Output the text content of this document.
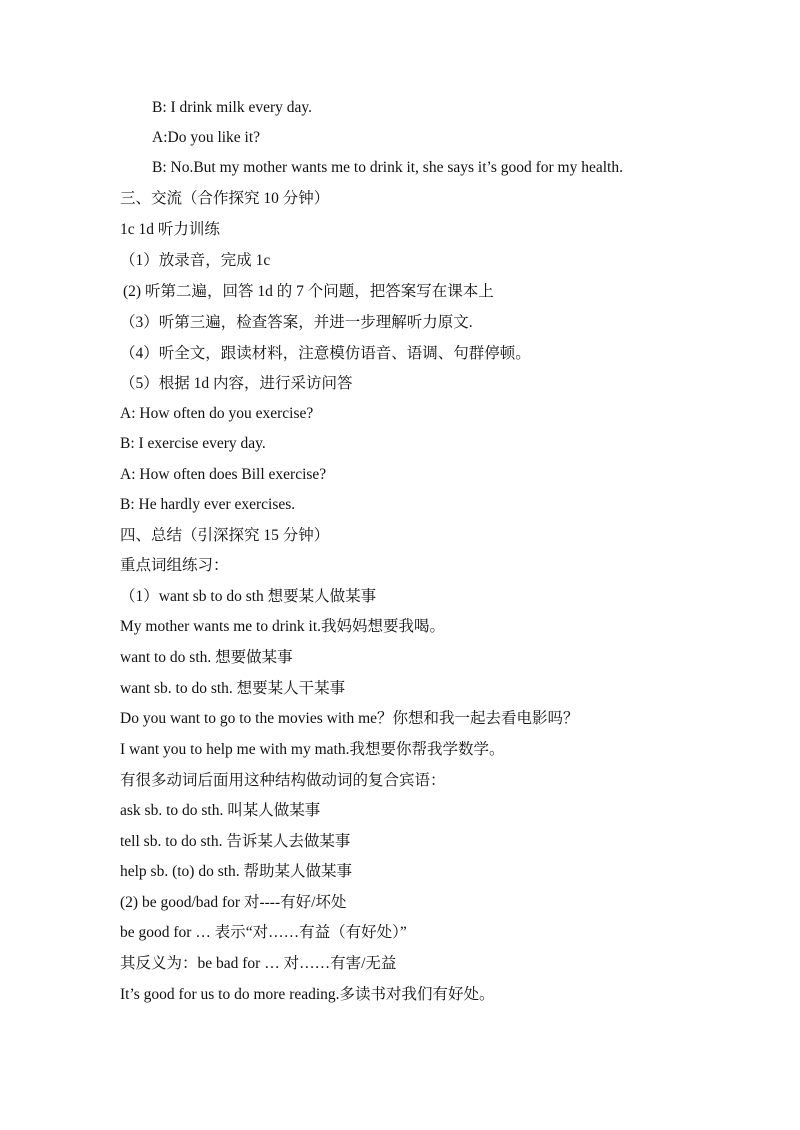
B: I drink milk every day.
A:Do you like it?
B: No.But my mother wants me to drink it, she says it’s good for my health.
三、交流（合作探究 10 分钟）
1c 1d 听力训练
（1）放录音，完成 1c
(2) 听第二遍，回答 1d 的 7 个问题，把答案写在课本上
（3）听第三遍，检查答案，并进一步理解听力原文.
（4）听全文，跟读材料，注意模仿语音、语调、句群停顿。
（5）根据 1d 内容，进行采访问答
A: How often do you exercise?
B: I exercise every day.
A: How often does Bill exercise?
B: He hardly ever exercises.
四、总结（引深探究 15 分钟）
重点词组练习：
（1）want sb to do sth 想要某人做某事
My mother wants me to drink it.我妈妈想要我喝。
want to do sth. 想要做某事
want sb. to do sth. 想要某人干某事
Do you want to go to the movies with me？你想和我一起去看电影吗？
I want you to help me with my math.我想要你帮我学数学。
有很多动词后面用这种结构做动词的复合宾语：
ask sb. to do sth. 叫某人做某事
tell sb. to do sth. 告诉某人去做某事
help sb. (to) do sth. 帮助某人做某事
(2) be good/bad for 对----有好/坏处
be good for … 表示“对……有益（有好处）”
其反义为：be bad for … 对……有害/无益
It’s good for us to do more reading.多读书对我们有好处。
